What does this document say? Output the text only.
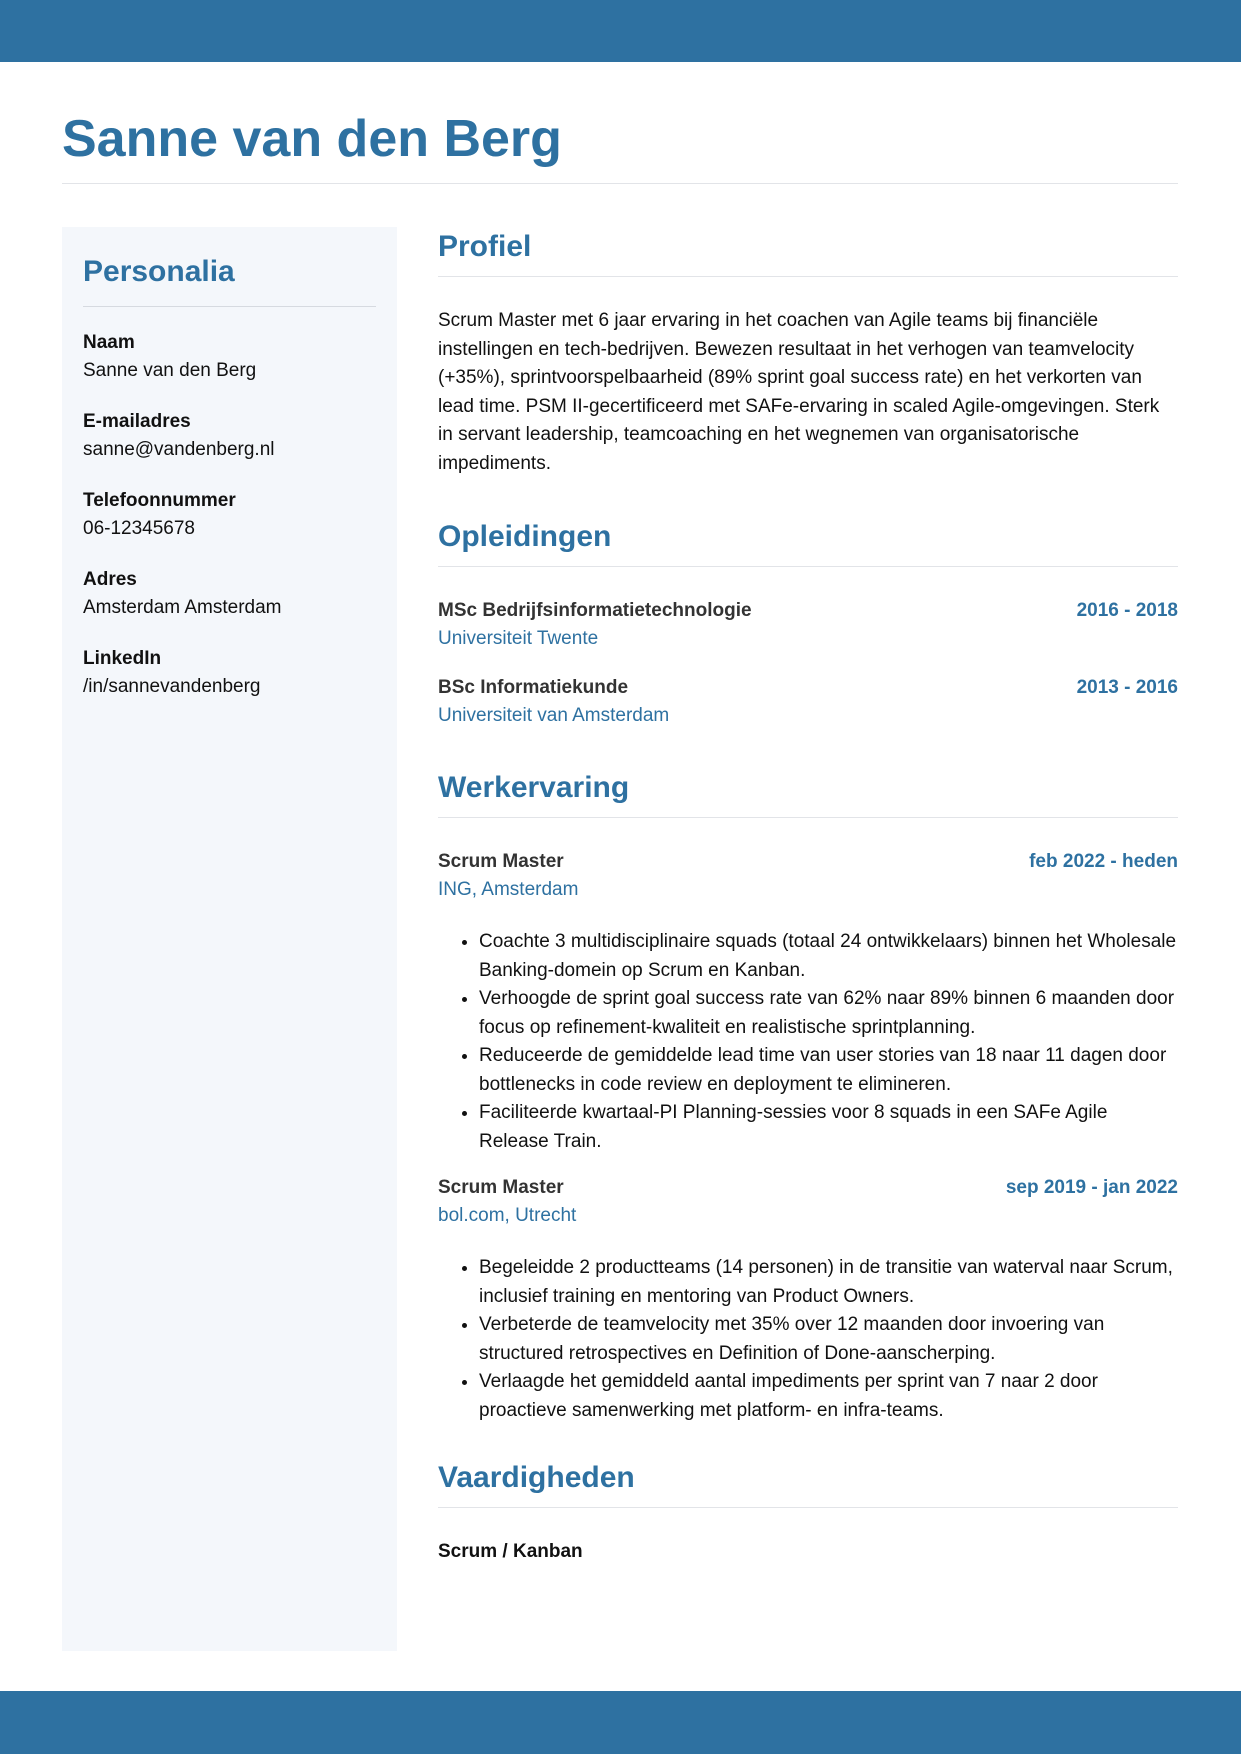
Sanne van den Berg
Personalia
Naam
Sanne van den Berg
E-mailadres
sanne@vandenberg.nl
Telefoonnummer
06-12345678
Adres
Amsterdam Amsterdam
LinkedIn
/in/sannevandenberg
Profiel

Scrum Master met 6 jaar ervaring in het coachen van Agile teams bij financiële instellingen en tech-bedrijven. Bewezen resultaat in het verhogen van teamvelocity (+35%), sprintvoorspelbaarheid (89% sprint goal success rate) en het verkorten van lead time. PSM II-gecertificeerd met SAFe-ervaring in scaled Agile-omgevingen. Sterk in servant leadership, teamcoaching en het wegnemen van organisatorische impediments.

Opleidingen
MSc Bedrijfsinformatietechnologie	2016 - 2018
Universiteit Twente
BSc Informatiekunde	2013 - 2016
Universiteit van Amsterdam
Werkervaring
Scrum Master	feb 2022 - heden
ING, Amsterdam
• Coachte 3 multidisciplinaire squads (totaal 24 ontwikkelaars) binnen het Wholesale Banking-domein op Scrum en Kanban.
• Verhoogde de sprint goal success rate van 62% naar 89% binnen 6 maanden door focus op refinement-kwaliteit en realistische sprintplanning.
• Reduceerde de gemiddelde lead time van user stories van 18 naar 11 dagen door bottlenecks in code review en deployment te elimineren.
• Faciliteerde kwartaal-PI Planning-sessies voor 8 squads in een SAFe Agile Release Train.
Scrum Master	sep 2019 - jan 2022
bol.com, Utrecht
• Begeleidde 2 productteams (14 personen) in de transitie van waterval naar Scrum, inclusief training en mentoring van Product Owners.
• Verbeterde de teamvelocity met 35% over 12 maanden door invoering van structured retrospectives en Definition of Done-aanscherping.
• Verlaagde het gemiddeld aantal impediments per sprint van 7 naar 2 door proactieve samenwerking met platform- en infra-teams.
Vaardigheden
Scrum / Kanban
